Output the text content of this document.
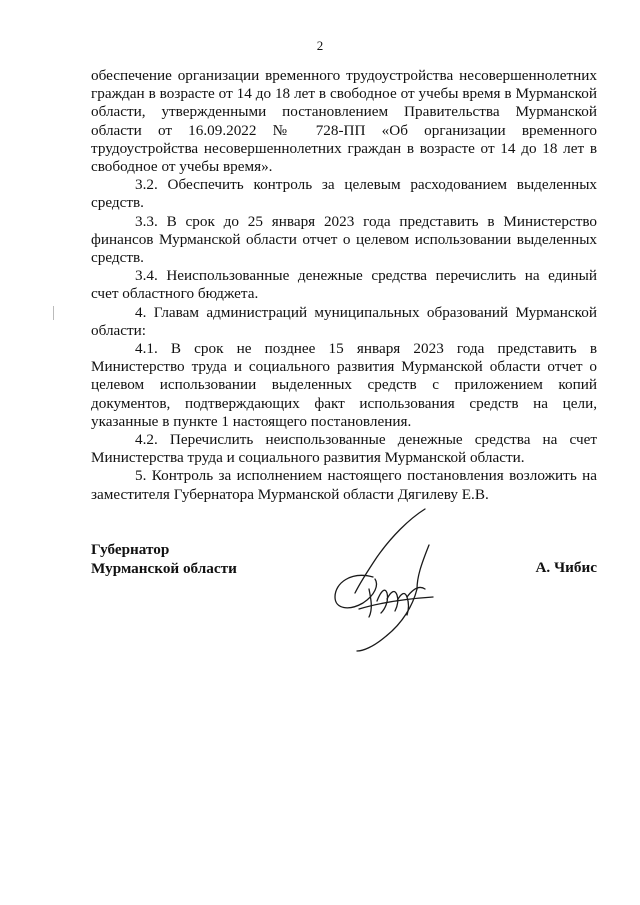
2

обеспечение организации временного трудоустройства несовершеннолетних граждан в возрасте от 14 до 18 лет в свободное от учебы время в Мурманской области, утвержденными постановлением Правительства Мурманской области от 16.09.2022 № 728-ПП «Об организации временного трудоустройства несовершеннолетних граждан в возрасте от 14 до 18 лет в свободное от учебы время».

3.2. Обеспечить контроль за целевым расходованием выделенных средств.

3.3. В срок до 25 января 2023 года представить в Министерство финансов Мурманской области отчет о целевом использовании выделенных средств.

3.4. Неиспользованные денежные средства перечислить на единый счет областного бюджета.

4. Главам администраций муниципальных образований Мурманской области:

4.1. В срок не позднее 15 января 2023 года представить в Министерство труда и социального развития Мурманской области отчет о целевом использовании выделенных средств с приложением копий документов, подтверждающих факт использования средств на цели, указанные в пункте 1 настоящего постановления.

4.2. Перечислить неиспользованные денежные средства на счет Министерства труда и социального развития Мурманской области.

5. Контроль за исполнением настоящего постановления возложить на заместителя Губернатора Мурманской области Дягилеву Е.В.

Губернатор
Мурманской области	А. Чибис
